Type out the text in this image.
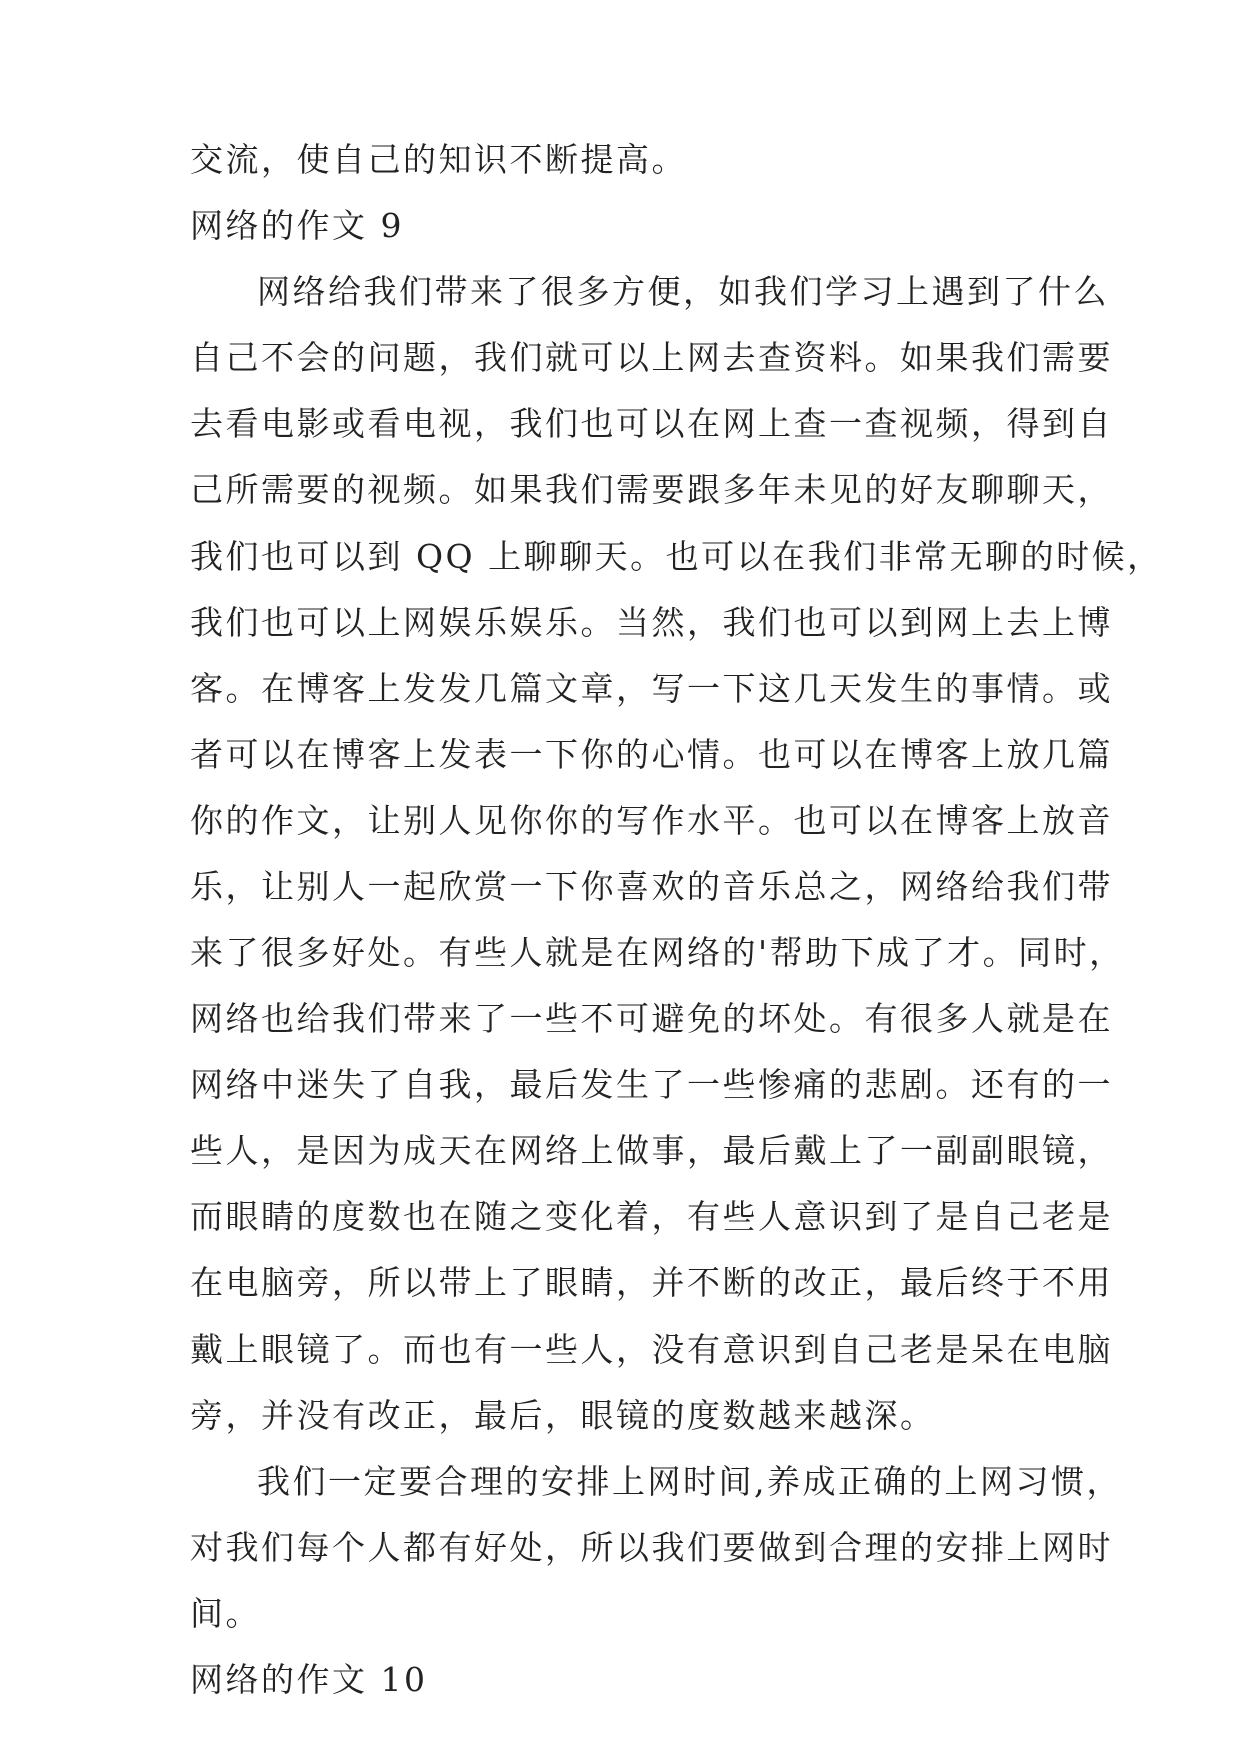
交流，使自己的知识不断提高。
网络的作文 9
网络给我们带来了很多方便，如我们学习上遇到了什么
自己不会的问题，我们就可以上网去查资料。如果我们需要
去看电影或看电视，我们也可以在网上查一查视频，得到自
己所需要的视频。如果我们需要跟多年未见的好友聊聊天，
我们也可以到 QQ 上聊聊天。也可以在我们非常无聊的时候，
我们也可以上网娱乐娱乐。当然，我们也可以到网上去上博
客。在博客上发发几篇文章，写一下这几天发生的事情。或
者可以在博客上发表一下你的心情。也可以在博客上放几篇
你的作文，让别人见你你的写作水平。也可以在博客上放音
乐，让别人一起欣赏一下你喜欢的音乐总之，网络给我们带
来了很多好处。有些人就是在网络的'帮助下成了才。同时，
网络也给我们带来了一些不可避免的坏处。有很多人就是在
网络中迷失了自我，最后发生了一些惨痛的悲剧。还有的一
些人，是因为成天在网络上做事，最后戴上了一副副眼镜，
而眼睛的度数也在随之变化着，有些人意识到了是自己老是
在电脑旁，所以带上了眼睛，并不断的改正，最后终于不用
戴上眼镜了。而也有一些人，没有意识到自己老是呆在电脑
旁，并没有改正，最后，眼镜的度数越来越深。
我们一定要合理的安排上网时间,养成正确的上网习惯，
对我们每个人都有好处，所以我们要做到合理的安排上网时
间。
网络的作文 10
